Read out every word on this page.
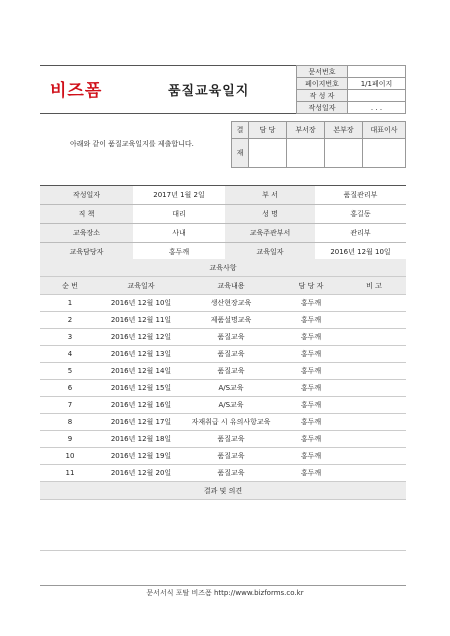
비즈폼	품질교육일지
문서번호	
페이지번호	1/1페이지
작 성 자	
작성일자	. . .
아래와 같이 품질교육일지를 제출합니다.
결	담 당	부서장	본부장	대표이사
재				
작성일자	2017년 1월 2일	부 서	품질관리부
직 책	대리	성 명	홍길동
교육장소	사내	교육주관부서	관리부
교육담당자	홍두깨	교육일자	2016년 12월 10일
교육사항				
순 번	교육일자	교육내용	담 당 자	비 고
1	2016년 12월 10일	생산현장교육	홍두깨	
2	2016년 12월 11일	제품설명교육	홍두깨	
3	2016년 12월 12일	품질교육	홍두깨	
4	2016년 12월 13일	품질교육	홍두깨	
5	2016년 12월 14일	품질교육	홍두깨	
6	2016년 12월 15일	A/S교육	홍두깨	
7	2016년 12월 16일	A/S교육	홍두깨	
8	2016년 12월 17일	자재취급 시 유의사항교육	홍두깨	
9	2016년 12월 18일	품질교육	홍두깨	
10	2016년 12월 19일	품질교육	홍두깨	
11	2016년 12월 20일	품질교육	홍두깨	
결과 및 의견				
문서서식 포탈 비즈폼 http://www.bizforms.co.kr
